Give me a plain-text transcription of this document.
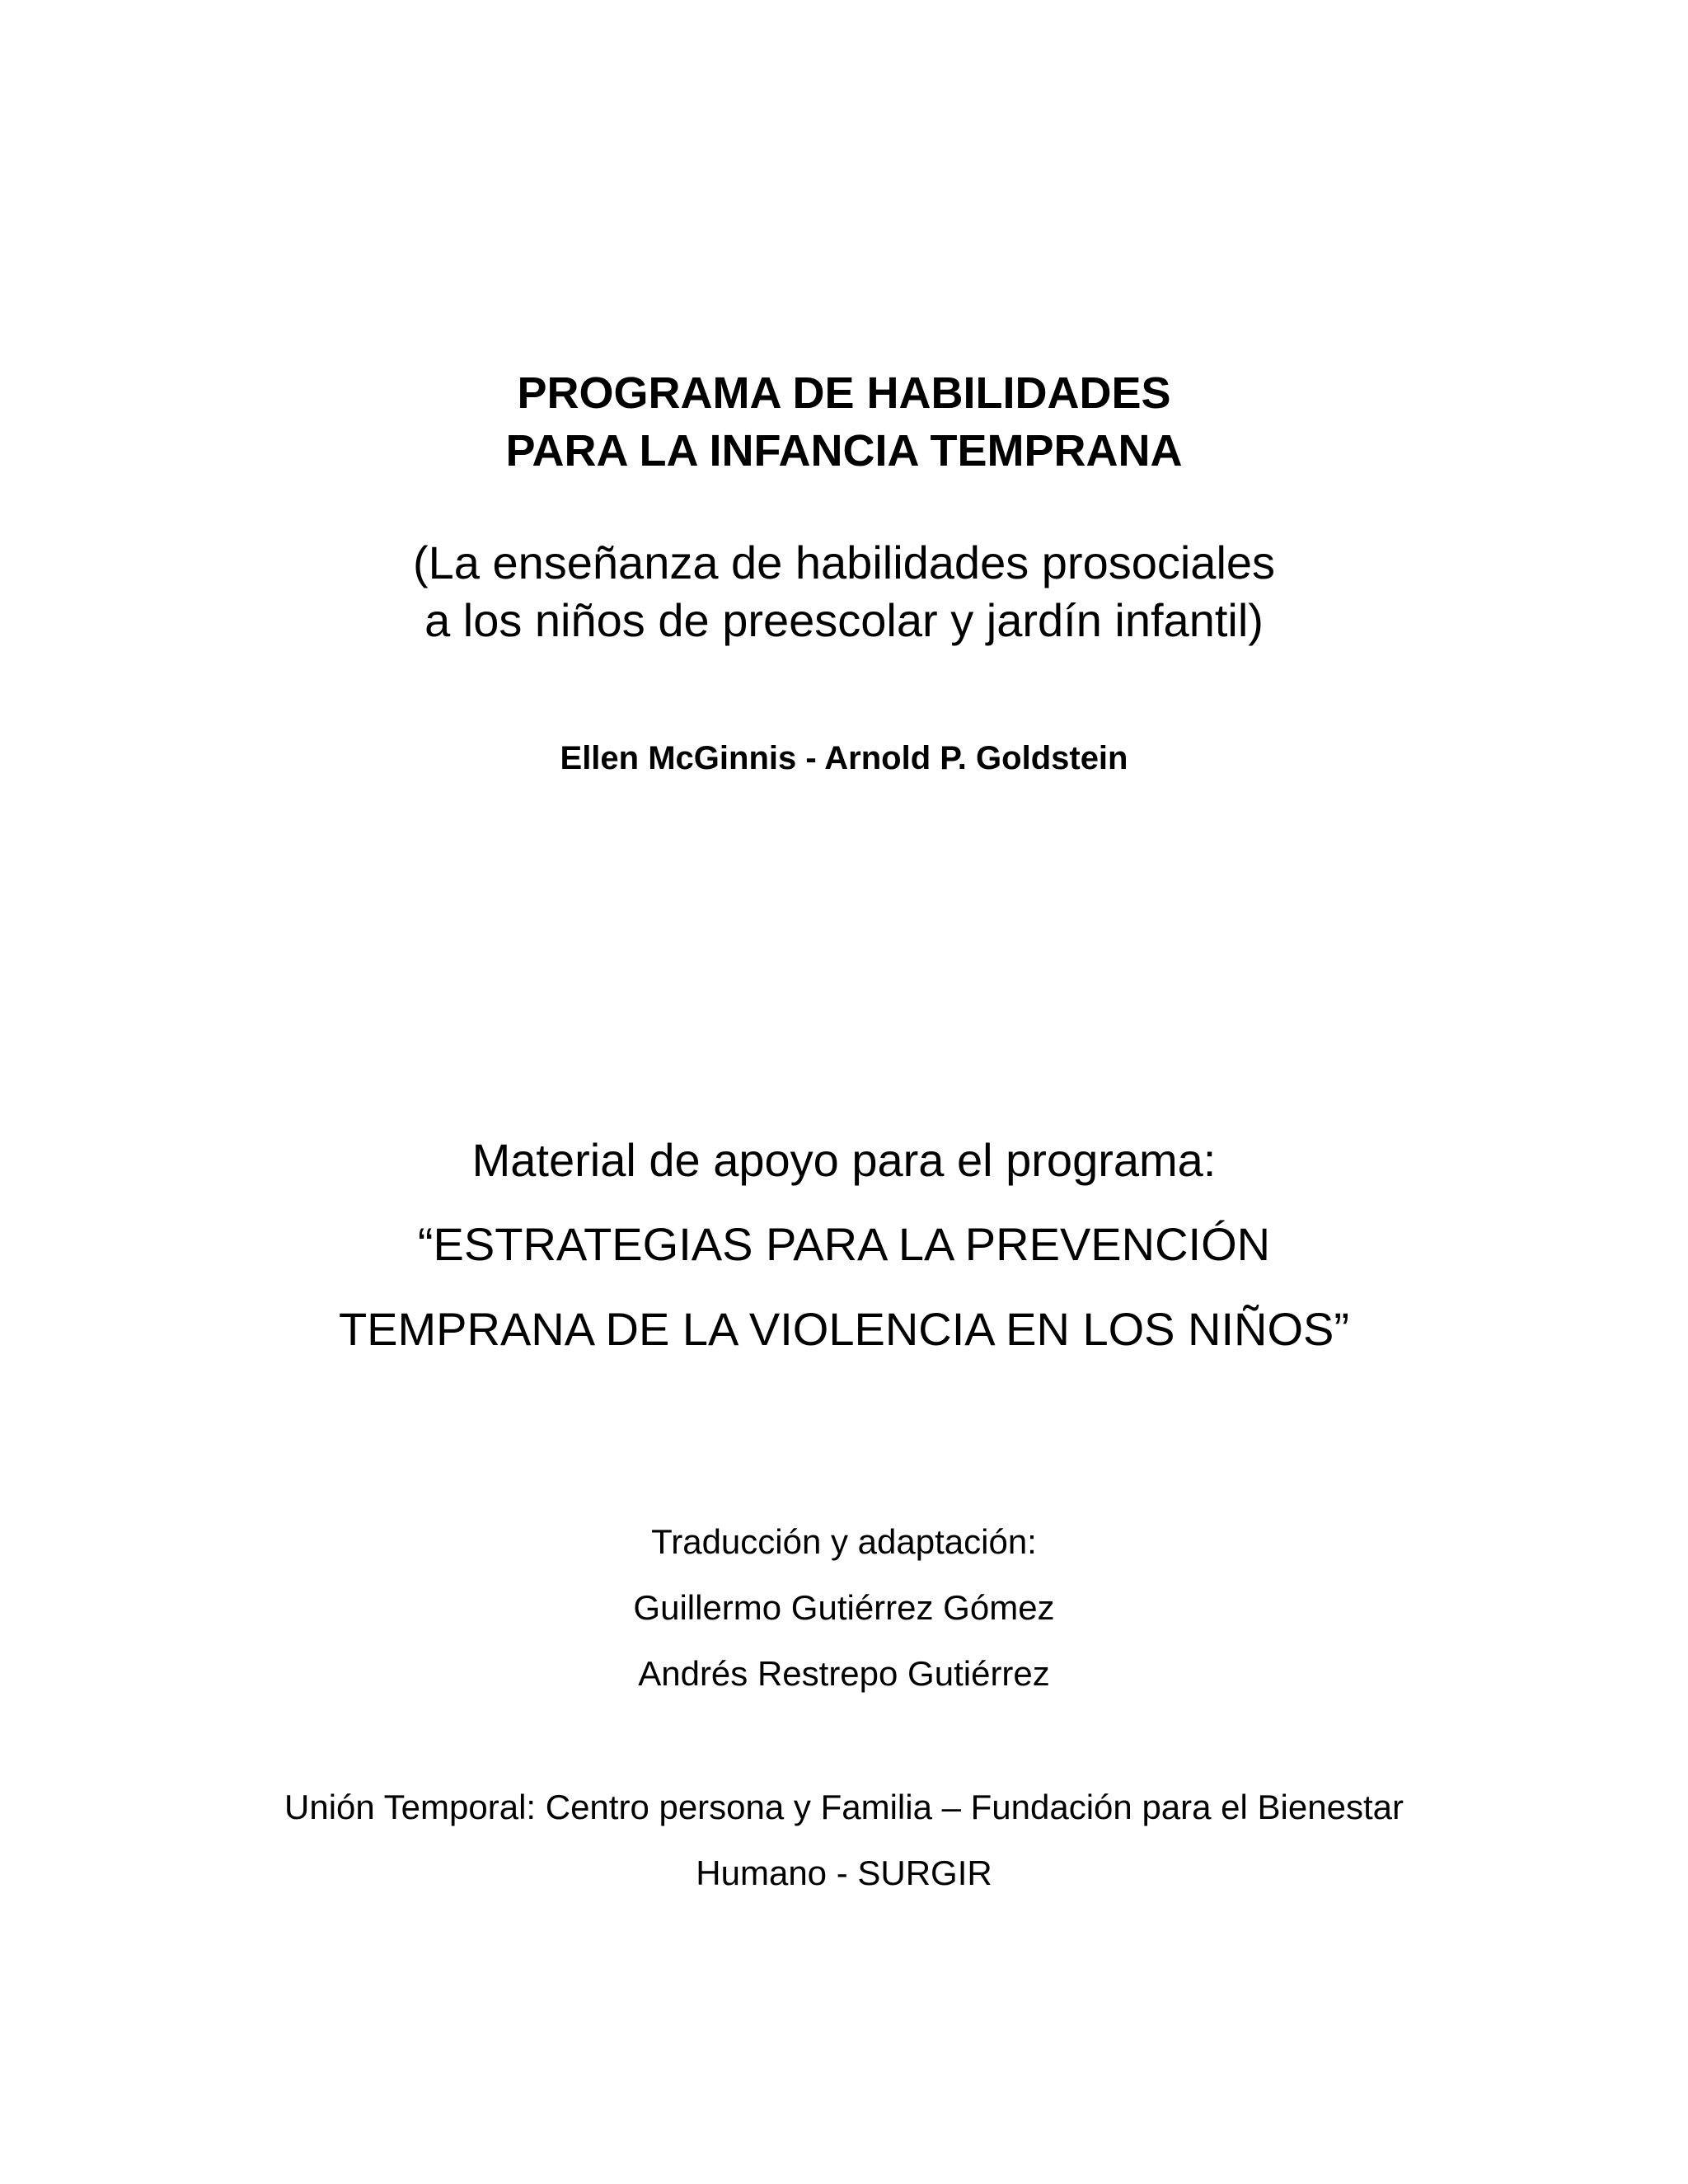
PROGRAMA DE HABILIDADES
PARA LA INFANCIA TEMPRANA

(La enseñanza de habilidades prosociales

a los niños de preescolar y jardín infantil)

Ellen McGinnis - Arnold P. Goldstein

Material de apoyo para el programa:

“ESTRATEGIAS PARA LA PREVENCIÓN

TEMPRANA DE LA VIOLENCIA EN LOS NIÑOS”

Traducción y adaptación:

Guillermo Gutiérrez Gómez

Andrés Restrepo Gutiérrez

Unión Temporal: Centro persona y Familia – Fundación para el Bienestar

Humano - SURGIR
